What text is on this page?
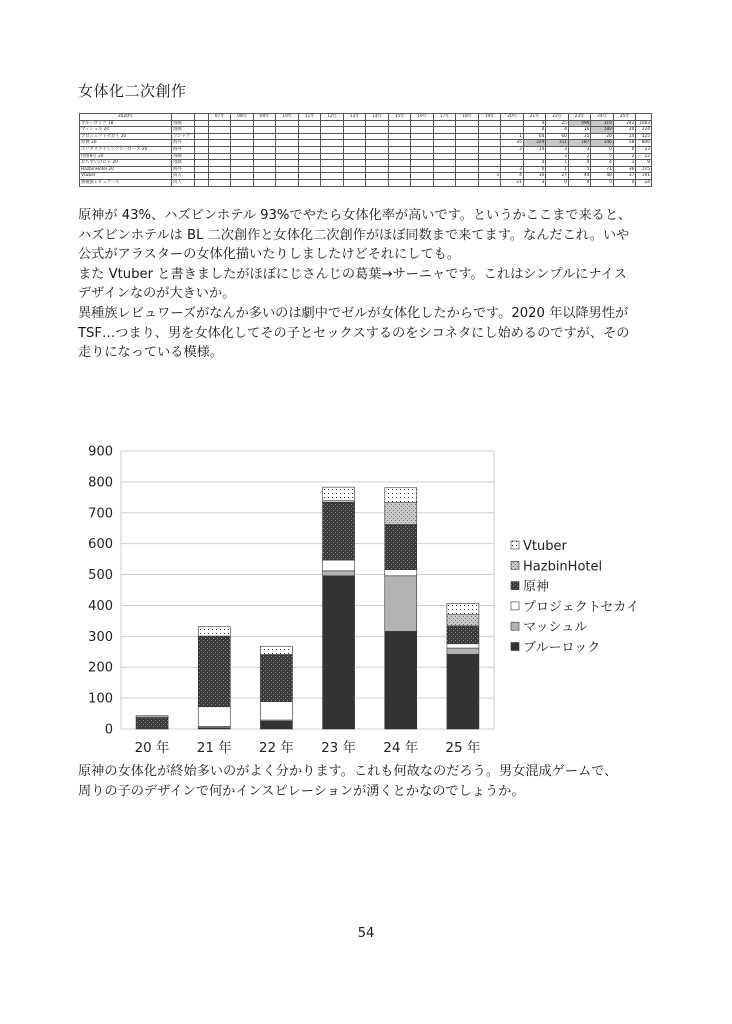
女体化二次創作
2020年			07年	08年	09年	10年	11年	12年	13年	14年	15年	16年	17年	18年	19年	20年	21年	22年	23年	24年	25年	
ブルーロック 18	漫画																4	25	496	316	242	1083
マッシュル 20	漫画																4	4	16	180	20	224
プロジェクトセカイ 20	ソシャゲ															1	64	60	35	20	14	125
原神 20	海外															35	229	151	187	146	58	806
エリオスライジングヒーローズ 20	海外															3	14	3	3	0	0	23
怪獣8号 20	漫画																	3	2	5	2	12
おちすいけにゃ 20	漫画																4	1	0	4	1	9
HazbinHotel 20	海外															3	0	1	5	71	36	115
Vtuber	同人														1	4	30	27	44	48	37	191
異種族レビュアーズ	同人															21	3	0	0	0	0	24
原神が 43%、ハズビンホテル 93%でやたら女体化率が高いです。というかここまで来ると、
ハズビンホテルは BL 二次創作と女体化二次創作がほぼ同数まで来てます。なんだこれ。いや
公式がアラスターの女体化描いたりしましたけどそれにしても。
また Vtuber と書きましたがほぼにじさんじの葛葉→サーニャです。これはシンプルにナイス
デザインなのが大きいか。
異種族レビュワーズがなんか多いのは劇中でゼルが女体化したからです。2020 年以降男性が
TSF…つまり、男を女体化してその子とセックスするのをシコネタにし始めるのですが、その
走りになっている模様。
0
100
200
300
400
500
600
700
800
900
20 年 21 年 22 年 23 年 24 年 25 年
Vtuber
HazbinHotel
原神
プロジェクトセカイ
マッシュル
ブルーロック
原神の女体化が終始多いのがよく分かります。これも何故なのだろう。男女混成ゲームで、
周りの子のデザインで何かインスピレーションが湧くとかなのでしょうか。
54
